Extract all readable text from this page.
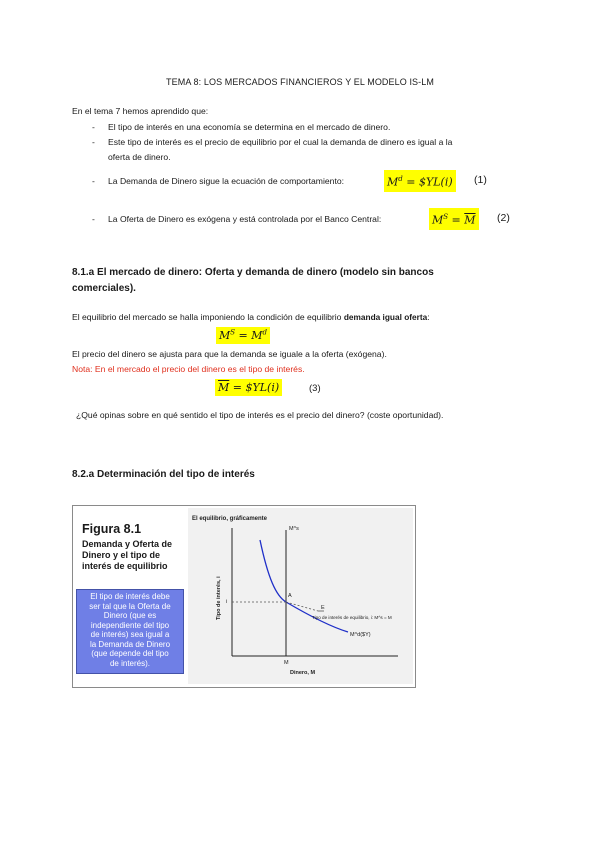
TEMA 8: LOS MERCADOS FINANCIEROS Y EL MODELO IS-LM
En el tema 7 hemos aprendido que:
- El tipo de interés en una economía se determina en el mercado de dinero.
- Este tipo de interés es el precio de equilibrio por el cual la demanda de dinero es igual a la
oferta de dinero.
- La Demanda de Dinero sigue la ecuación de comportamiento:	$M^d$ = $YL(i) (1)
- La Oferta de Dinero es exógena y está controlada por el Banco Central:	$M^S = \overline{M}$ (2)
8.1.a El mercado de dinero: Oferta y demanda de dinero (modelo sin bancos
comerciales).
El equilibrio del mercado se halla imponiendo la condición de equilibrio demanda igual oferta:
$M^S = M^d$
El precio del dinero se ajusta para que la demanda se iguale a la oferta (exógena).
Nota: En el mercado el precio del dinero es el tipo de interés.
$\overline{M}$ = $YL(i)	(3)
¿Qué opinas sobre en qué sentido el tipo de interés es el precio del dinero? (coste oportunidad).
8.2.a Determinación del tipo de interés
Figura 8.1
Demanda y Oferta de
Dinero y el tipo de
interés de equilibrio
El tipo de interés debe
ser tal que la Oferta de
Dinero (que es
independiente del tipo
de interés) sea igual a
la Demanda de Dinero
(que depende del tipo
de interés).
El equilibrio, gráficamente
M^s
M^d($Y)
A
i
M
E
Tipo de interés de equilibrio, i: M^s = M
Dinero, M
Tipo de interés, i
